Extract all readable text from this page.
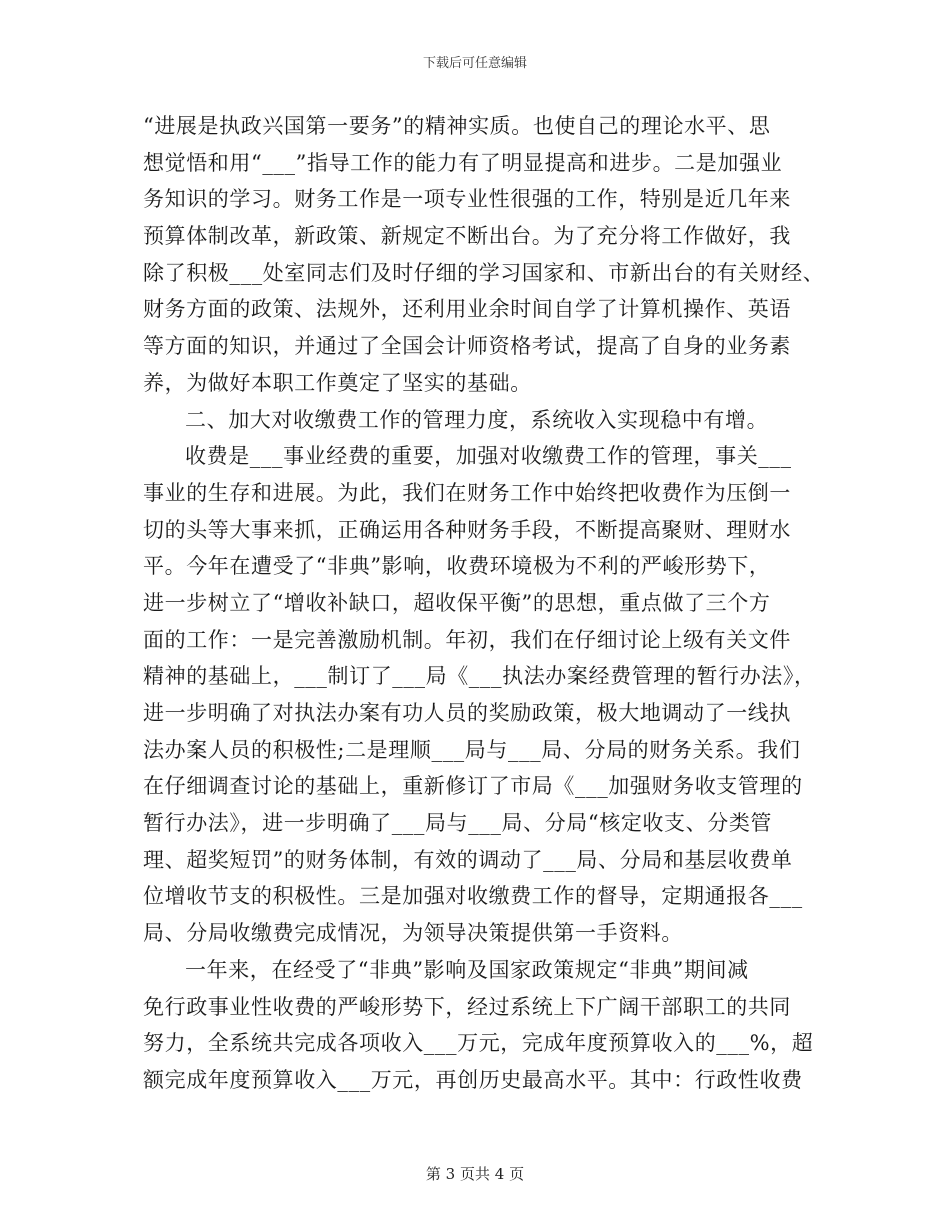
下载后可任意编辑
“进展是执政兴国第一要务”的精神实质。也使自己的理论水平、思
想觉悟和用“___”指导工作的能力有了明显提高和进步。二是加强业
务知识的学习。财务工作是一项专业性很强的工作，特别是近几年来
预算体制改革，新政策、新规定不断出台。为了充分将工作做好，我
除了积极___处室同志们及时仔细的学习国家和、市新出台的有关财经、
财务方面的政策、法规外，还利用业余时间自学了计算机操作、英语
等方面的知识，并通过了全国会计师资格考试，提高了自身的业务素
养，为做好本职工作奠定了坚实的基础。
二、加大对收缴费工作的管理力度，系统收入实现稳中有增。
收费是___事业经费的重要，加强对收缴费工作的管理，事关___
事业的生存和进展。为此，我们在财务工作中始终把收费作为压倒一
切的头等大事来抓，正确运用各种财务手段，不断提高聚财、理财水
平。今年在遭受了“非典”影响，收费环境极为不利的严峻形势下，
进一步树立了“增收补缺口，超收保平衡”的思想，重点做了三个方
面的工作：一是完善激励机制。年初，我们在仔细讨论上级有关文件
精神的基础上，___制订了___局《___执法办案经费管理的暂行办法》，
进一步明确了对执法办案有功人员的奖励政策，极大地调动了一线执
法办案人员的积极性;二是理顺___局与___局、分局的财务关系。我们
在仔细调查讨论的基础上，重新修订了市局《___加强财务收支管理的
暂行办法》，进一步明确了___局与___局、分局“核定收支、分类管
理、超奖短罚”的财务体制，有效的调动了___局、分局和基层收费单
位增收节支的积极性。三是加强对收缴费工作的督导，定期通报各___
局、分局收缴费完成情况，为领导决策提供第一手资料。
一年来，在经受了“非典”影响及国家政策规定“非典”期间减
免行政事业性收费的严峻形势下，经过系统上下广阔干部职工的共同
努力，全系统共完成各项收入___万元，完成年度预算收入的___%，超
额完成年度预算收入___万元，再创历史最高水平。其中：行政性收费
第 3 页共 4 页
